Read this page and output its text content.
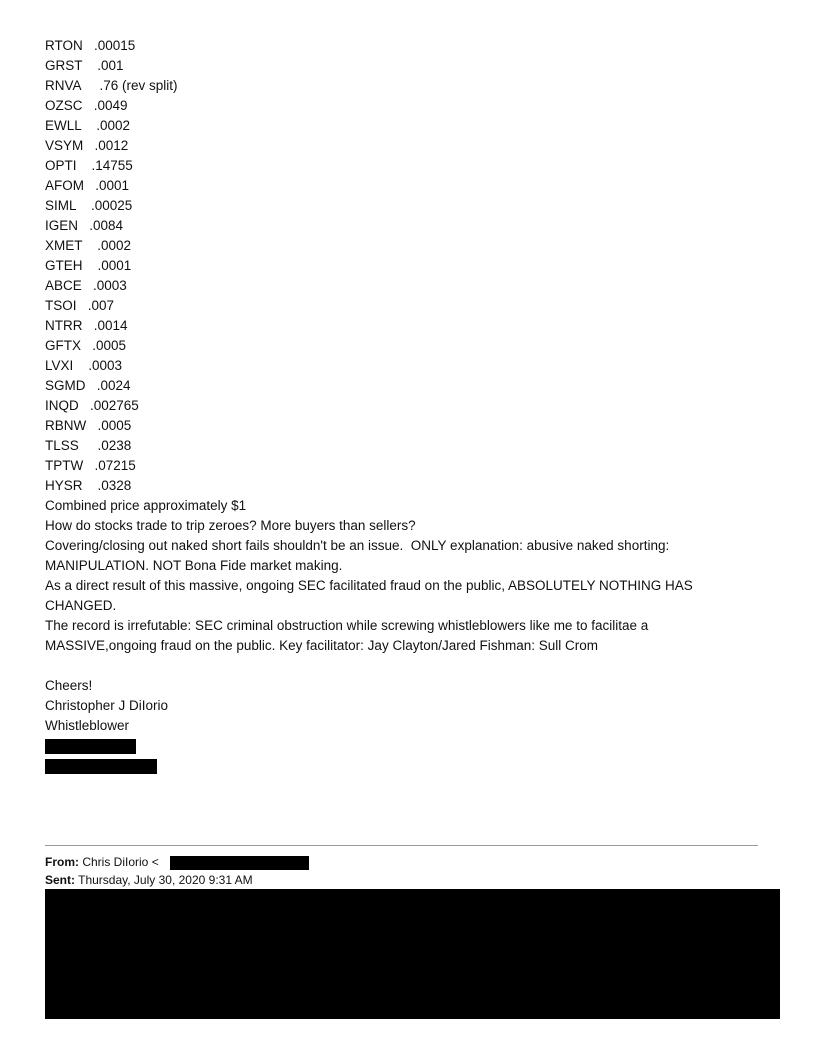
RTON   .00015
GRST    .001
RNVA     .76 (rev split)
OZSC   .0049
EWLL    .0002
VSYM   .0012
OPTI    .14755
AFOM   .0001
SIML    .00025
IGEN   .0084
XMET    .0002
GTEH    .0001
ABCE   .0003
TSOI   .007
NTRR   .0014
GFTX   .0005
LVXI    .0003
SGMD   .0024
INQD   .002765
RBNW   .0005
TLSS     .0238
TPTW   .07215
HYSR    .0328
Combined price approximately $1
How do stocks trade to trip zeroes? More buyers than sellers?
Covering/closing out naked short fails shouldn't be an issue.  ONLY explanation: abusive naked shorting:
MANIPULATION. NOT Bona Fide market making.
As a direct result of this massive, ongoing SEC facilitated fraud on the public, ABSOLUTELY NOTHING HAS
CHANGED.
The record is irrefutable: SEC criminal obstruction while screwing whistleblowers like me to facilitae a
MASSIVE,ongoing fraud on the public. Key facilitator: Jay Clayton/Jared Fishman: Sull Crom
Cheers!
Christopher J DiIorio
Whistleblower
From: Chris DiIorio <
Sent: Thursday, July 30, 2020 9:31 AM
